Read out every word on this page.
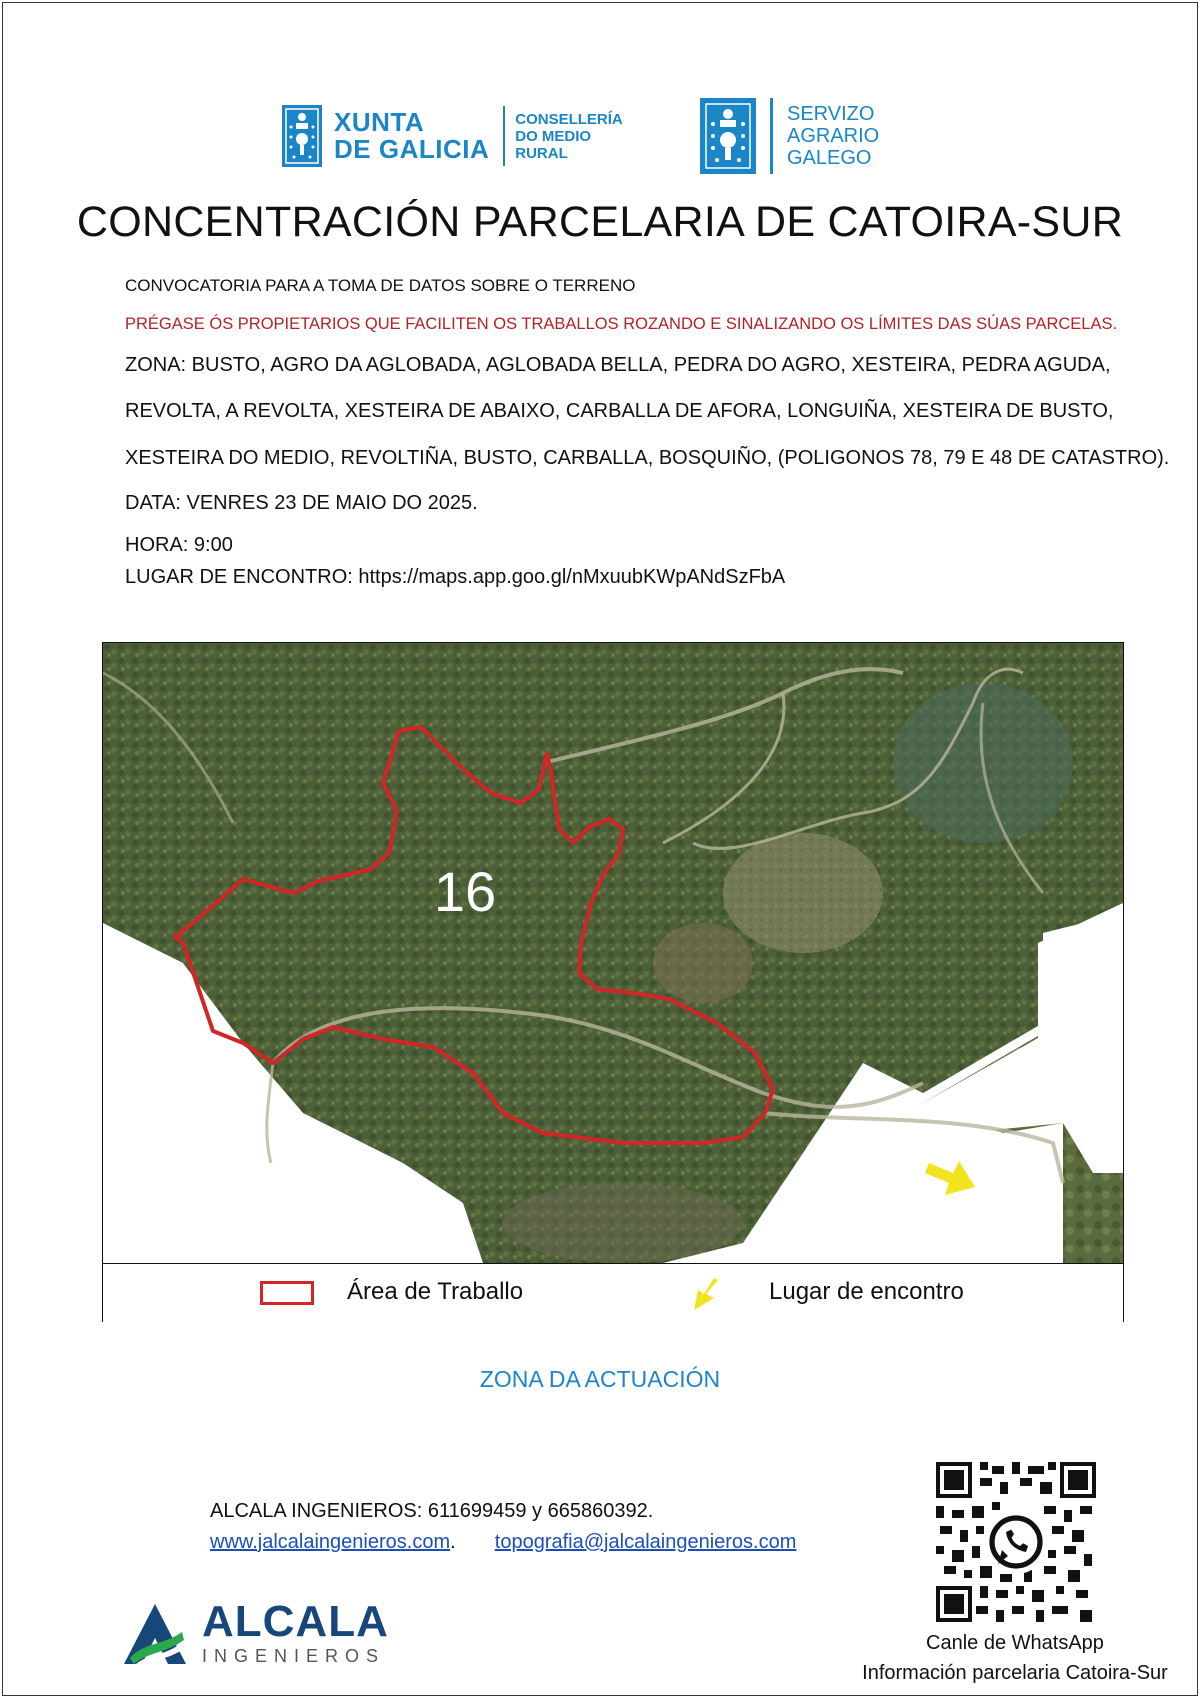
XUNTA
DE GALICIA
CONSELLERÍA
DO MEDIO
RURAL
SERVIZO
AGRARIO
GALEGO
CONCENTRACIÓN PARCELARIA DE CATOIRA-SUR
CONVOCATORIA PARA A TOMA DE DATOS SOBRE O TERRENO
PRÉGASE ÓS PROPIETARIOS QUE FACILITEN OS TRABALLOS ROZANDO E SINALIZANDO OS LÍMITES DAS SÚAS PARCELAS.
ZONA: BUSTO, AGRO DA AGLOBADA, AGLOBADA BELLA, PEDRA DO AGRO, XESTEIRA, PEDRA AGUDA,
REVOLTA, A REVOLTA, XESTEIRA DE ABAIXO, CARBALLA DE AFORA, LONGUIÑA, XESTEIRA DE BUSTO,
XESTEIRA DO MEDIO, REVOLTIÑA, BUSTO, CARBALLA, BOSQUIÑO, (POLIGONOS 78, 79 E 48 DE CATASTRO).
DATA: VENRES 23 DE MAIO DO 2025.
HORA: 9:00
LUGAR DE ENCONTRO: https://maps.app.goo.gl/nMxuubKWpANdSzFbA
16
Área de Traballo	Lugar de encontro
ZONA DA ACTUACIÓN
ALCALA INGENIEROS: 611699459 y 665860392.
www.jalcalaingenieros.com. topografia@jalcalaingenieros.com
ALCALA
INGENIEROS
Canle de WhatsApp
Información parcelaria Catoira-Sur
